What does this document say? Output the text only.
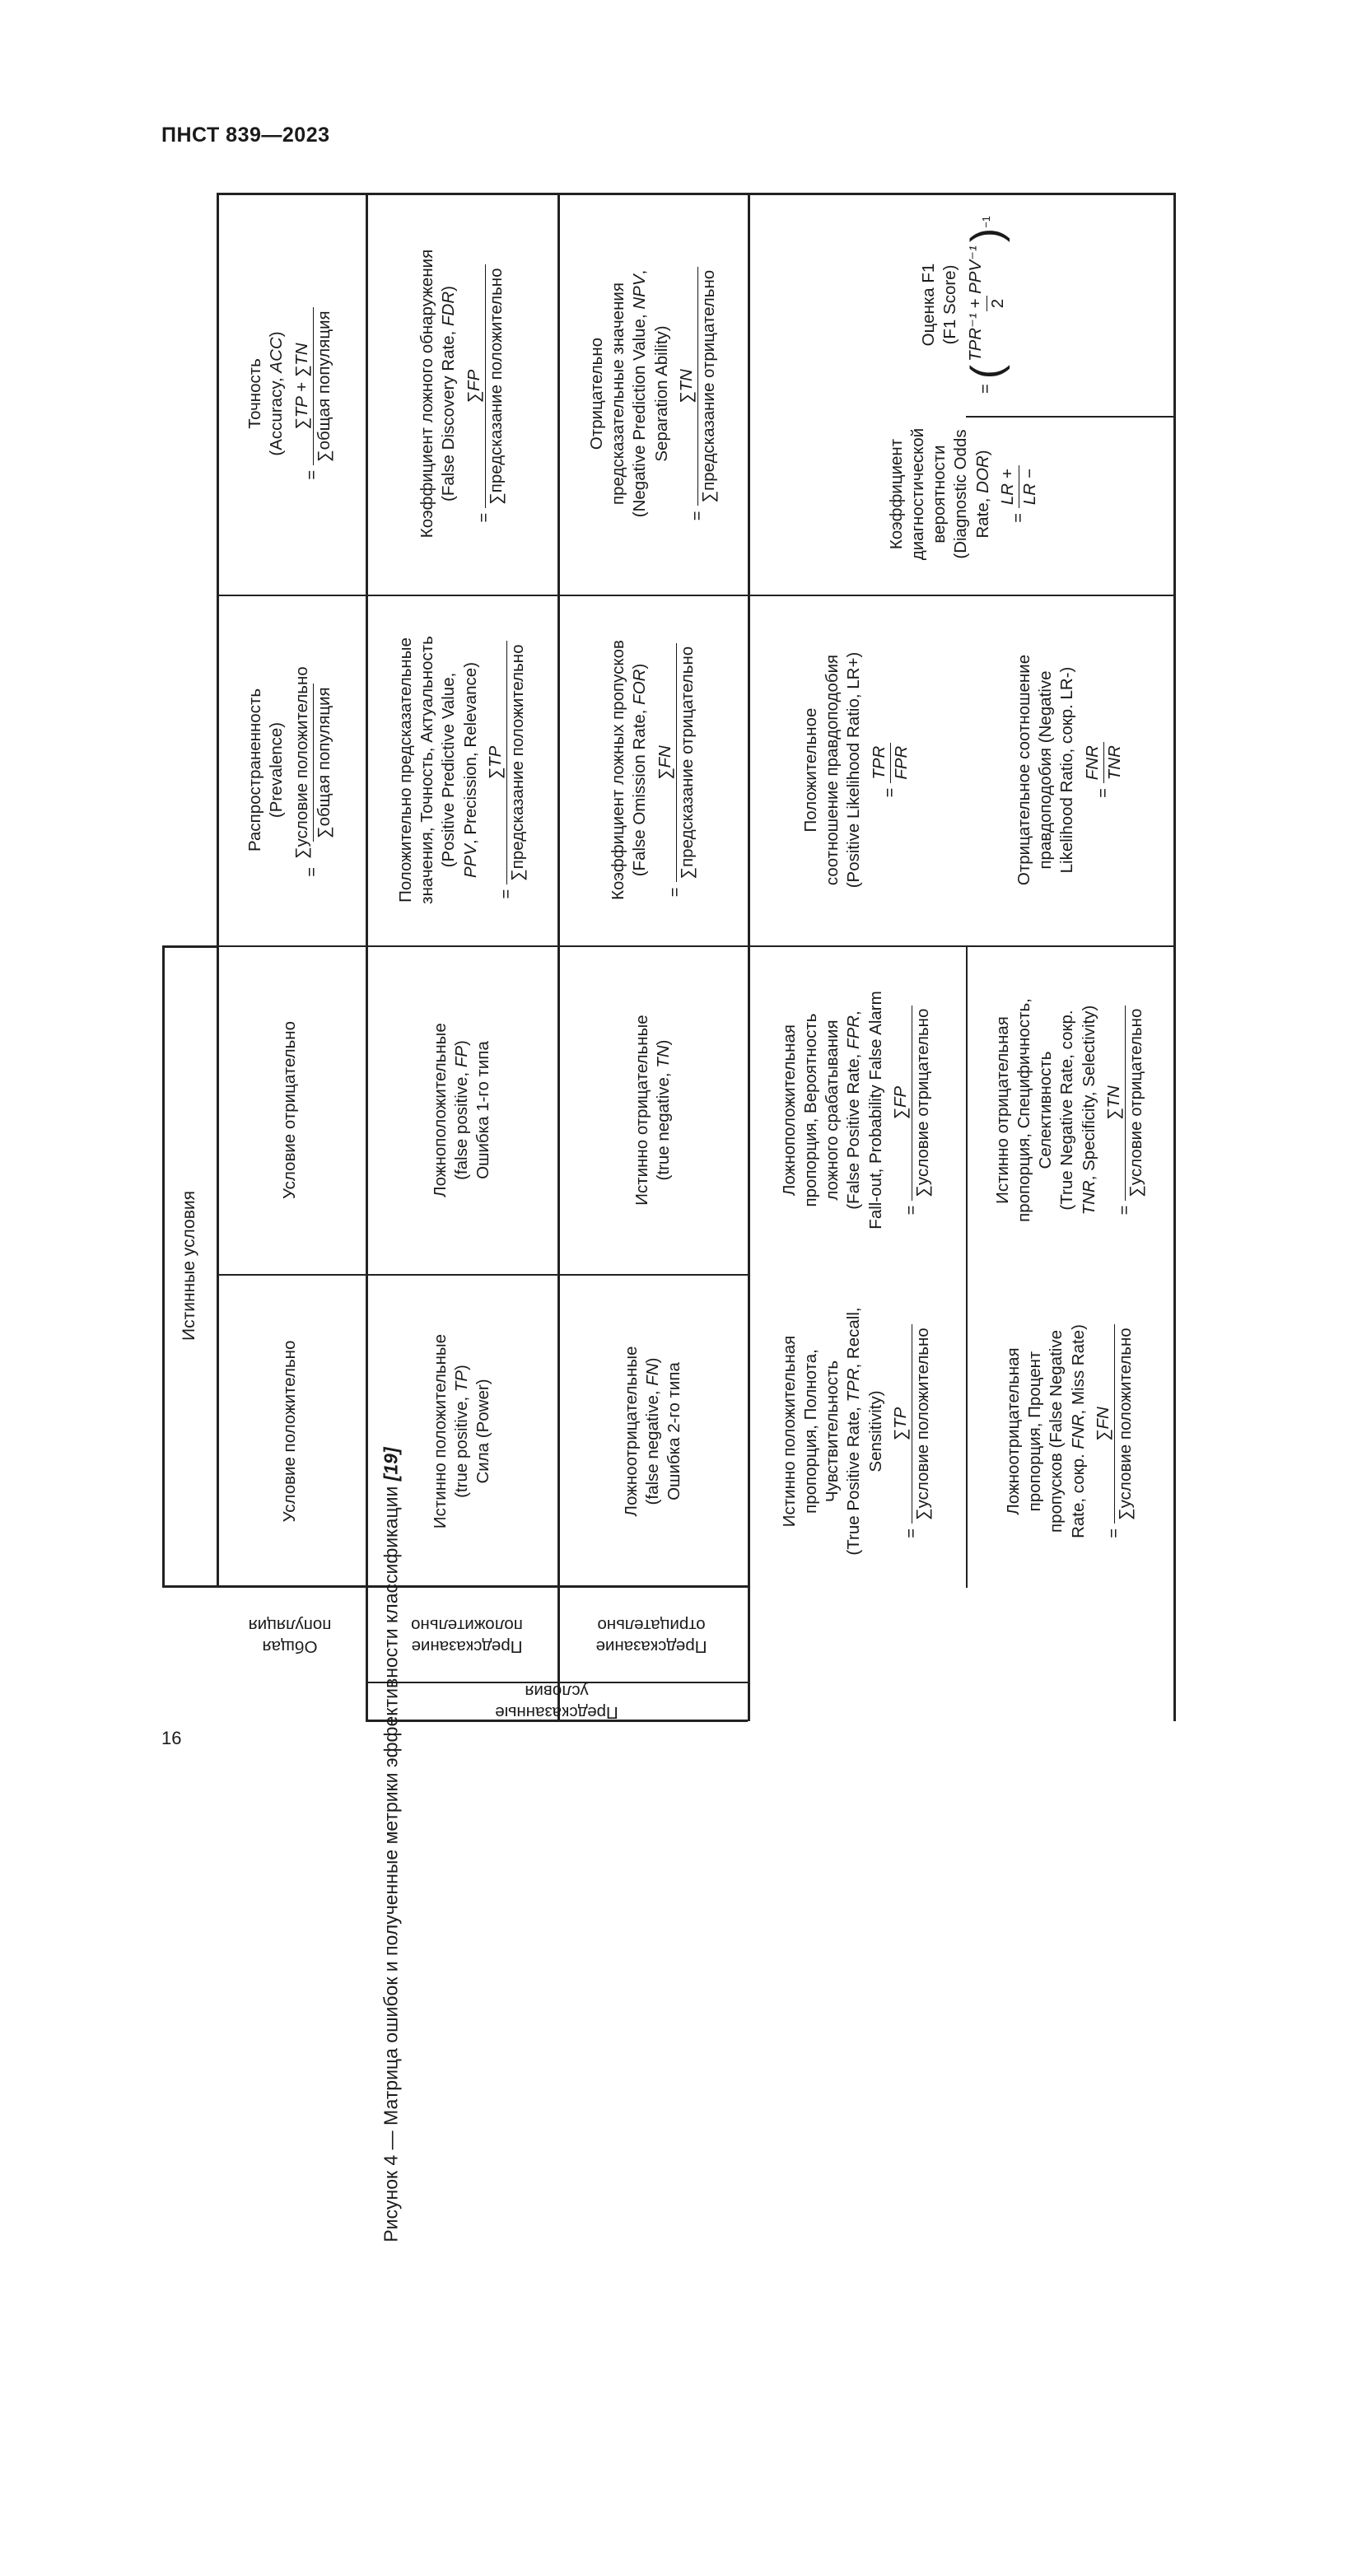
ПНСТ 839—2023
Истинные условия
Предсказанные условия
Общая
популяция
Предсказание
положительно
Предсказание
отрицательно
Условие положительно
Условие отрицательно
Распространенность (Prevalence)
=
∑условие положительно ∑общая популяция
Точность (Accuracy, ACC)
=
∑TP + ∑TN ∑общая популяция
Истинно положительные (true positive, TP)
Сила (Power)
Ложноположительные (false positive, FP) Ошибка 1-го типа
Положительно предсказательные значения, Точность, Актуальность (Positive Predictive Value, PPV, Precission, Relevance)
=
∑TP ∑предсказание положительно
Коэффициент ложного обнаружения (False Discovery Rate, FDR)
=
∑FP ∑предсказание положительно
Ложноотрицательные (false negative, FN)
Ошибка 2-го типа
Истинно отрицательные (true negative, TN)
Коэффициент ложных пропусков (False Omission Rate, FOR)
=
∑FN ∑предсказание отрицательно
Отрицательно предсказательные значения (Negative Prediction Value, NPV,
Separation Ability)
=
∑TN ∑предсказание отрицательно
Истинно положительная пропорция, Полнота, Чувствительность (True Positive Rate, TPR, Recall,
Sensitivity)
=
∑TP ∑условие положительно
Ложноположительная пропорция, Вероятность ложного срабатывания (False Positive Rate, FPR, Fall-out, Probability False Alarm =
∑FP ∑условие отрицательно
Положительное соотношение правдоподобия (Positive Likelihood Ratio, LR+) =
TPR FPR
Ложноотрицательная пропорция, Процент пропусков (False Negative Rate, сокр. FNR, Miss Rate)
=
∑FN ∑условие положительно
Истинно отрицательная пропорция, Специфичность, Селективность (True Negative Rate, сокр. TNR, Specificity, Selectivity)
=
∑TN ∑условие отрицательно
Отрицательное соотношение правдоподобия (Negative Likelihood Ratio, сокр. LR-) =
FNR TNR
Коэффициент диагностической вероятности (Diagnostic Odds Rate, DOR)
=
LR + LR −
Оценка F1 (F1 Score)
=
(
TPR⁻¹ + PPV⁻¹ 2
)
−1
Рисунок 4 — Матрица ошибок и полученные метрики эффективности классификации [19]
16
